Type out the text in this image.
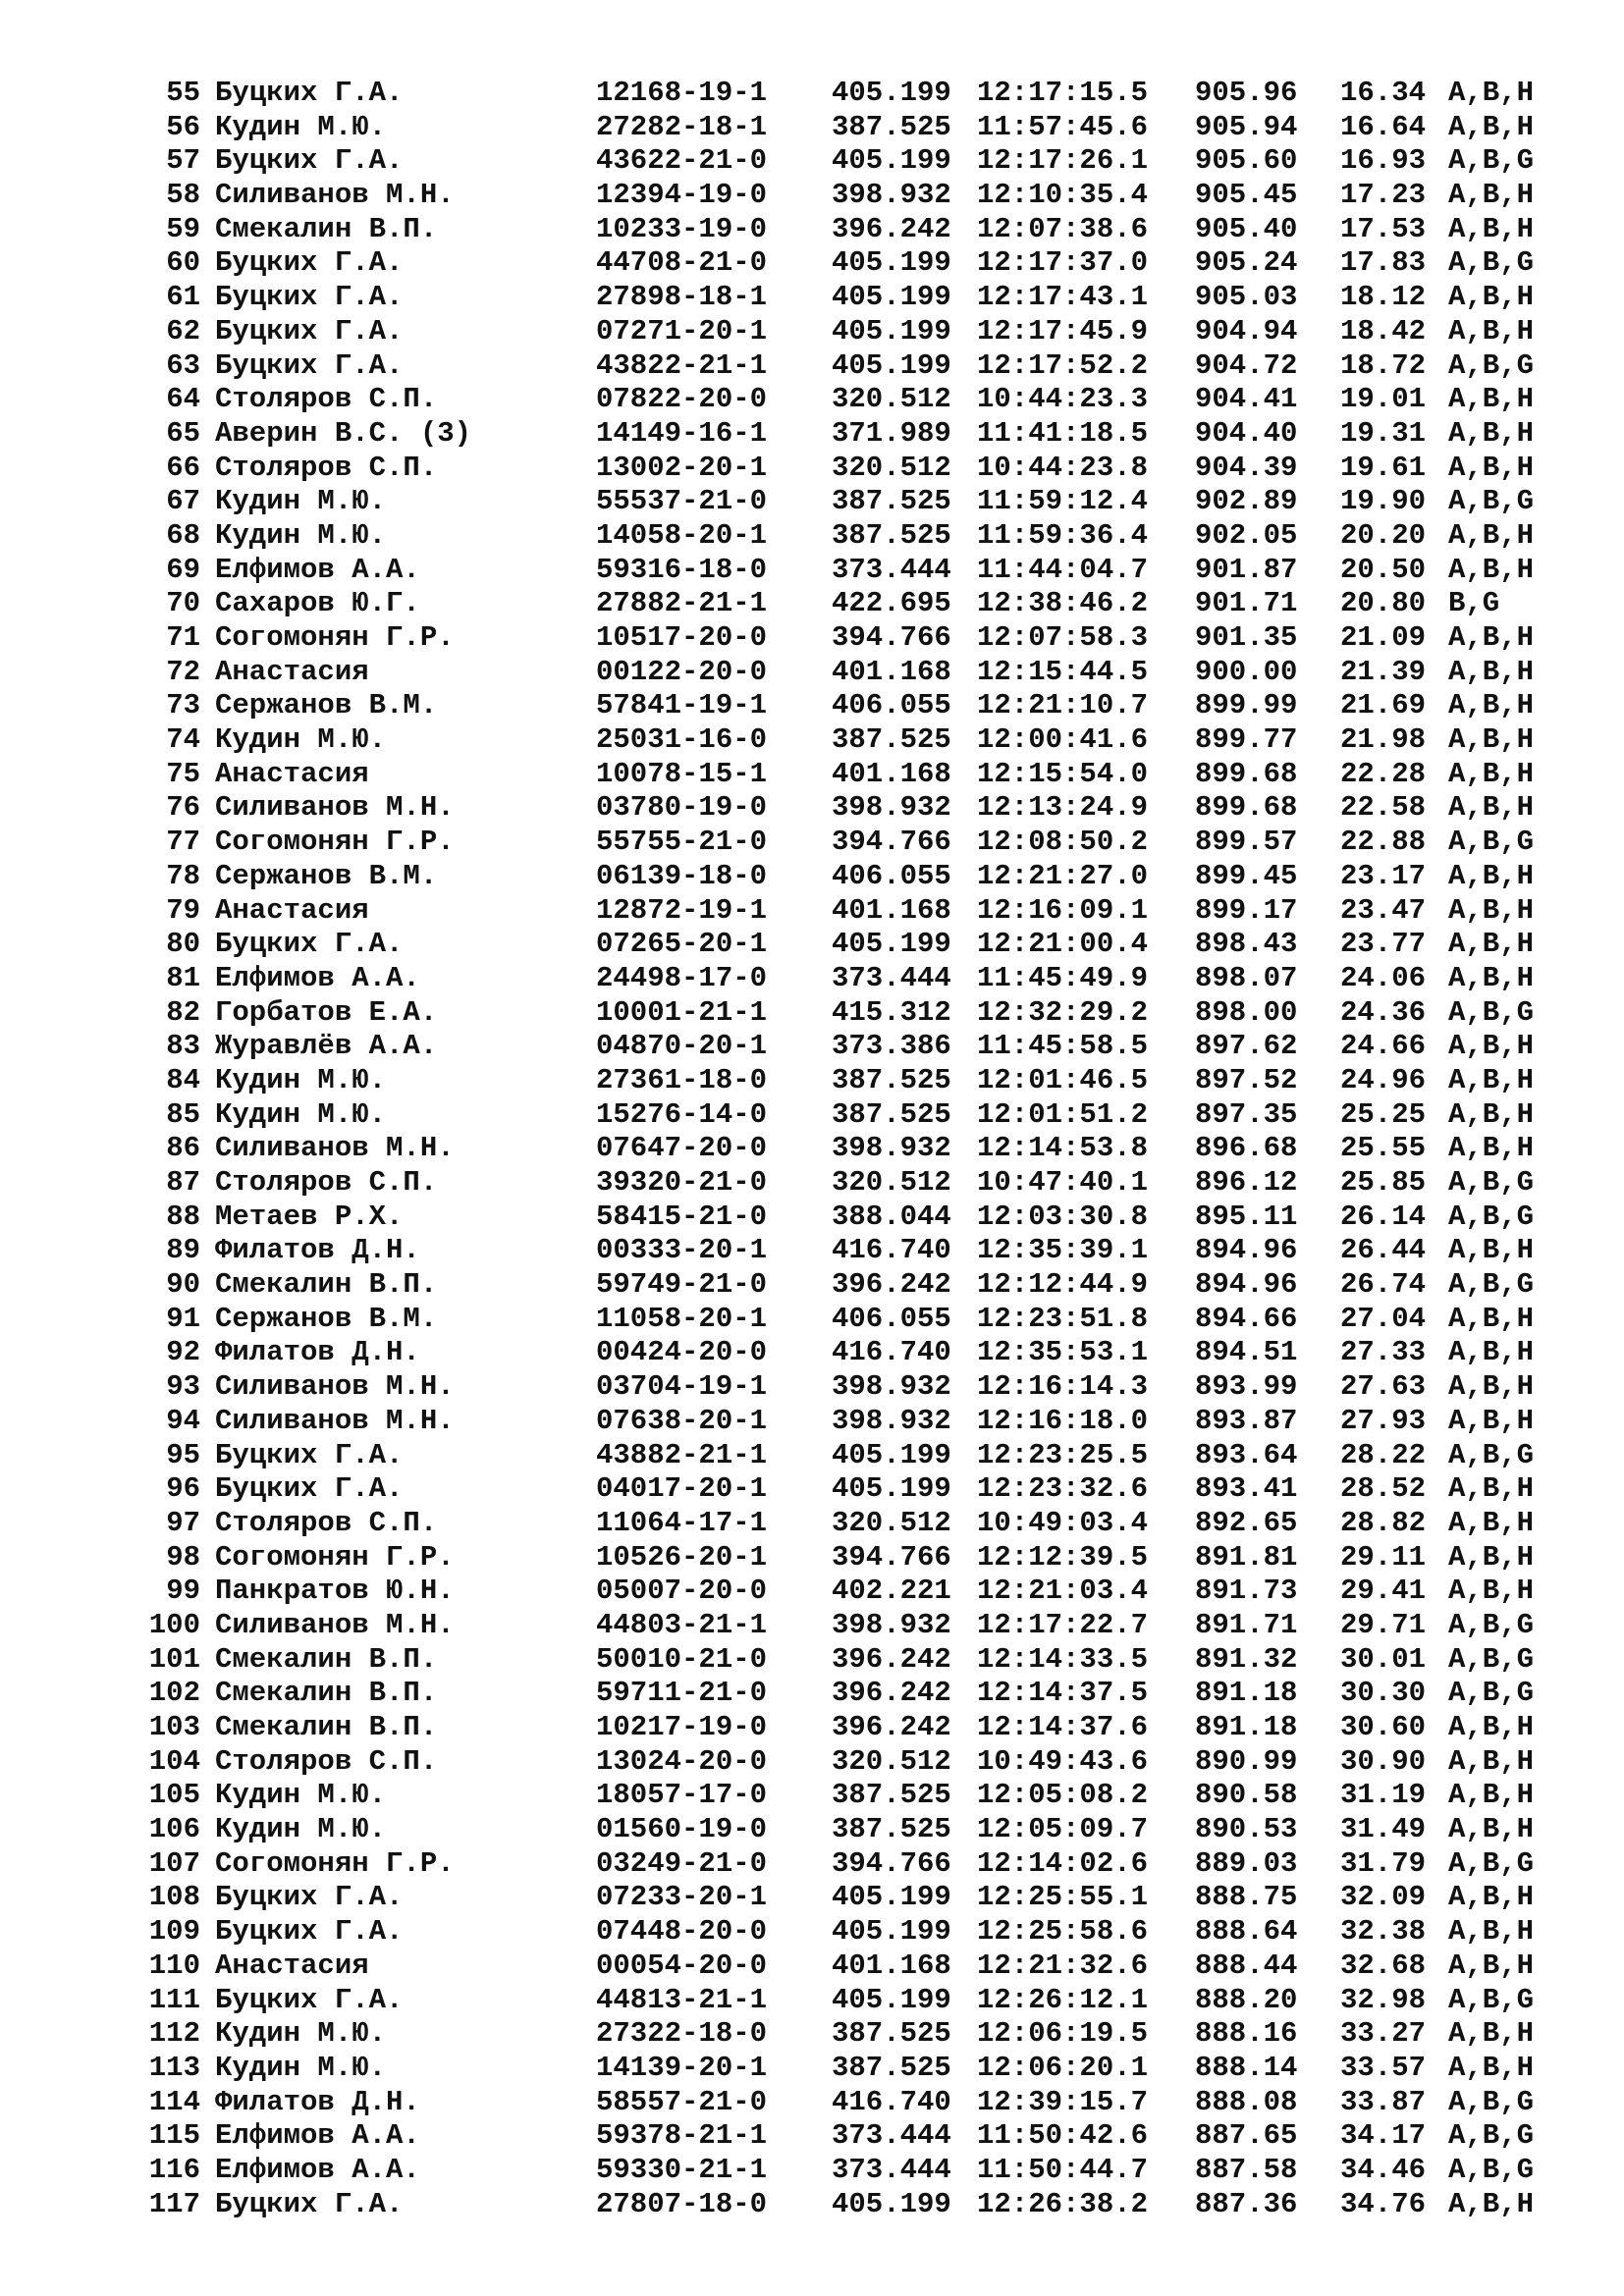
55 Буцких Г.А.	12168-19-1 405.199 12:17:15.5 905.96 16.34 A,B,H
56 Кудин М.Ю.	27282-18-1 387.525 11:57:45.6 905.94 16.64 A,B,H
57 Буцких Г.А.	43622-21-0 405.199 12:17:26.1 905.60 16.93 A,B,G
58 Силиванов М.Н.	12394-19-0 398.932 12:10:35.4 905.45 17.23 A,B,H
59 Смекалин В.П.	10233-19-0 396.242 12:07:38.6 905.40 17.53 A,B,H
60 Буцких Г.А.	44708-21-0 405.199 12:17:37.0 905.24 17.83 A,B,G
61 Буцких Г.А.	27898-18-1 405.199 12:17:43.1 905.03 18.12 A,B,H
62 Буцких Г.А.	07271-20-1 405.199 12:17:45.9 904.94 18.42 A,B,H
63 Буцких Г.А.	43822-21-1 405.199 12:17:52.2 904.72 18.72 A,B,G
64 Столяров С.П.	07822-20-0 320.512 10:44:23.3 904.41 19.01 A,B,H
65 Аверин В.С. (3)	14149-16-1 371.989 11:41:18.5 904.40 19.31 A,B,H
66 Столяров С.П.	13002-20-1 320.512 10:44:23.8 904.39 19.61 A,B,H
67 Кудин М.Ю.	55537-21-0 387.525 11:59:12.4 902.89 19.90 A,B,G
68 Кудин М.Ю.	14058-20-1 387.525 11:59:36.4 902.05 20.20 A,B,H
69 Елфимов А.А.	59316-18-0 373.444 11:44:04.7 901.87 20.50 A,B,H
70 Сахаров Ю.Г.	27882-21-1 422.695 12:38:46.2 901.71 20.80 B,G
71 Согомонян Г.Р.	10517-20-0 394.766 12:07:58.3 901.35 21.09 A,B,H
72 Анастасия	00122-20-0 401.168 12:15:44.5 900.00 21.39 A,B,H
73 Сержанов В.М.	57841-19-1 406.055 12:21:10.7 899.99 21.69 A,B,H
74 Кудин М.Ю.	25031-16-0 387.525 12:00:41.6 899.77 21.98 A,B,H
75 Анастасия	10078-15-1 401.168 12:15:54.0 899.68 22.28 A,B,H
76 Силиванов М.Н.	03780-19-0 398.932 12:13:24.9 899.68 22.58 A,B,H
77 Согомонян Г.Р.	55755-21-0 394.766 12:08:50.2 899.57 22.88 A,B,G
78 Сержанов В.М.	06139-18-0 406.055 12:21:27.0 899.45 23.17 A,B,H
79 Анастасия	12872-19-1 401.168 12:16:09.1 899.17 23.47 A,B,H
80 Буцких Г.А.	07265-20-1 405.199 12:21:00.4 898.43 23.77 A,B,H
81 Елфимов А.А.	24498-17-0 373.444 11:45:49.9 898.07 24.06 A,B,H
82 Горбатов Е.А.	10001-21-1 415.312 12:32:29.2 898.00 24.36 A,B,G
83 Журавлёв А.А.	04870-20-1 373.386 11:45:58.5 897.62 24.66 A,B,H
84 Кудин М.Ю.	27361-18-0 387.525 12:01:46.5 897.52 24.96 A,B,H
85 Кудин М.Ю.	15276-14-0 387.525 12:01:51.2 897.35 25.25 A,B,H
86 Силиванов М.Н.	07647-20-0 398.932 12:14:53.8 896.68 25.55 A,B,H
87 Столяров С.П.	39320-21-0 320.512 10:47:40.1 896.12 25.85 A,B,G
88 Метаев Р.Х.	58415-21-0 388.044 12:03:30.8 895.11 26.14 A,B,G
89 Филатов Д.Н.	00333-20-1 416.740 12:35:39.1 894.96 26.44 A,B,H
90 Смекалин В.П.	59749-21-0 396.242 12:12:44.9 894.96 26.74 A,B,G
91 Сержанов В.М.	11058-20-1 406.055 12:23:51.8 894.66 27.04 A,B,H
92 Филатов Д.Н.	00424-20-0 416.740 12:35:53.1 894.51 27.33 A,B,H
93 Силиванов М.Н.	03704-19-1 398.932 12:16:14.3 893.99 27.63 A,B,H
94 Силиванов М.Н.	07638-20-1 398.932 12:16:18.0 893.87 27.93 A,B,H
95 Буцких Г.А.	43882-21-1 405.199 12:23:25.5 893.64 28.22 A,B,G
96 Буцких Г.А.	04017-20-1 405.199 12:23:32.6 893.41 28.52 A,B,H
97 Столяров С.П.	11064-17-1 320.512 10:49:03.4 892.65 28.82 A,B,H
98 Согомонян Г.Р.	10526-20-1 394.766 12:12:39.5 891.81 29.11 A,B,H
99 Панкратов Ю.Н.	05007-20-0 402.221 12:21:03.4 891.73 29.41 A,B,H
100 Силиванов М.Н.	44803-21-1 398.932 12:17:22.7 891.71 29.71 A,B,G
101 Смекалин В.П.	50010-21-0 396.242 12:14:33.5 891.32 30.01 A,B,G
102 Смекалин В.П.	59711-21-0 396.242 12:14:37.5 891.18 30.30 A,B,G
103 Смекалин В.П.	10217-19-0 396.242 12:14:37.6 891.18 30.60 A,B,H
104 Столяров С.П.	13024-20-0 320.512 10:49:43.6 890.99 30.90 A,B,H
105 Кудин М.Ю.	18057-17-0 387.525 12:05:08.2 890.58 31.19 A,B,H
106 Кудин М.Ю.	01560-19-0 387.525 12:05:09.7 890.53 31.49 A,B,H
107 Согомонян Г.Р.	03249-21-0 394.766 12:14:02.6 889.03 31.79 A,B,G
108 Буцких Г.А.	07233-20-1 405.199 12:25:55.1 888.75 32.09 A,B,H
109 Буцких Г.А.	07448-20-0 405.199 12:25:58.6 888.64 32.38 A,B,H
110 Анастасия	00054-20-0 401.168 12:21:32.6 888.44 32.68 A,B,H
111 Буцких Г.А.	44813-21-1 405.199 12:26:12.1 888.20 32.98 A,B,G
112 Кудин М.Ю.	27322-18-0 387.525 12:06:19.5 888.16 33.27 A,B,H
113 Кудин М.Ю.	14139-20-1 387.525 12:06:20.1 888.14 33.57 A,B,H
114 Филатов Д.Н.	58557-21-0 416.740 12:39:15.7 888.08 33.87 A,B,G
115 Елфимов А.А.	59378-21-1 373.444 11:50:42.6 887.65 34.17 A,B,G
116 Елфимов А.А.	59330-21-1 373.444 11:50:44.7 887.58 34.46 A,B,G
117 Буцких Г.А.	27807-18-0 405.199 12:26:38.2 887.36 34.76 A,B,H
